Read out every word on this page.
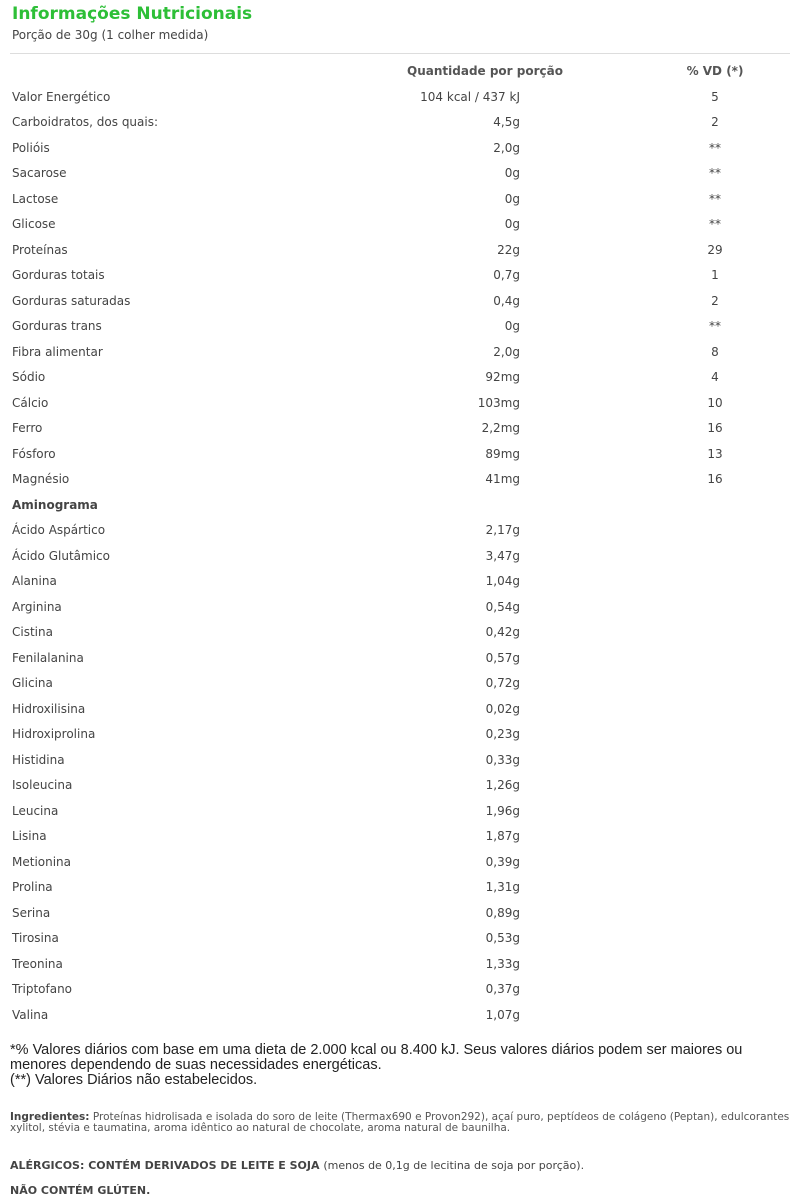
Informações Nutricionais
Porção de 30g (1 colher medida)
Quantidade por porção	% VD (*)
Valor Energético	104 kcal / 437 kJ	5
Carboidratos, dos quais:	4,5g	2
Polióis	2,0g	**
Sacarose	0g	**
Lactose	0g	**
Glicose	0g	**
Proteínas	22g	29
Gorduras totais	0,7g	1
Gorduras saturadas	0,4g	2
Gorduras trans	0g	**
Fibra alimentar	2,0g	8
Sódio	92mg	4
Cálcio	103mg	10
Ferro	2,2mg	16
Fósforo	89mg	13
Magnésio	41mg	16
Aminograma
Ácido Aspártico	2,17g
Ácido Glutâmico	3,47g
Alanina	1,04g
Arginina	0,54g
Cistina	0,42g
Fenilalanina	0,57g
Glicina	0,72g
Hidroxilisina	0,02g
Hidroxiprolina	0,23g
Histidina	0,33g
Isoleucina	1,26g
Leucina	1,96g
Lisina	1,87g
Metionina	0,39g
Prolina	1,31g
Serina	0,89g
Tirosina	0,53g
Treonina	1,33g
Triptofano	0,37g
Valina	1,07g
*% Valores diários com base em uma dieta de 2.000 kcal ou 8.400 kJ. Seus valores diários podem ser maiores ou menores dependendo de suas necessidades energéticas.
(**) Valores Diários não estabelecidos.
Ingredientes: Proteínas hidrolisada e isolada do soro de leite (Thermax690 e Provon292), açaí puro, peptídeos de colágeno (Peptan), edulcorantes xylitol, stévia e taumatina, aroma idêntico ao natural de chocolate, aroma natural de baunilha.
ALÉRGICOS: CONTÉM DERIVADOS DE LEITE E SOJA (menos de 0,1g de lecitina de soja por porção).
NÃO CONTÉM GLÚTEN.
